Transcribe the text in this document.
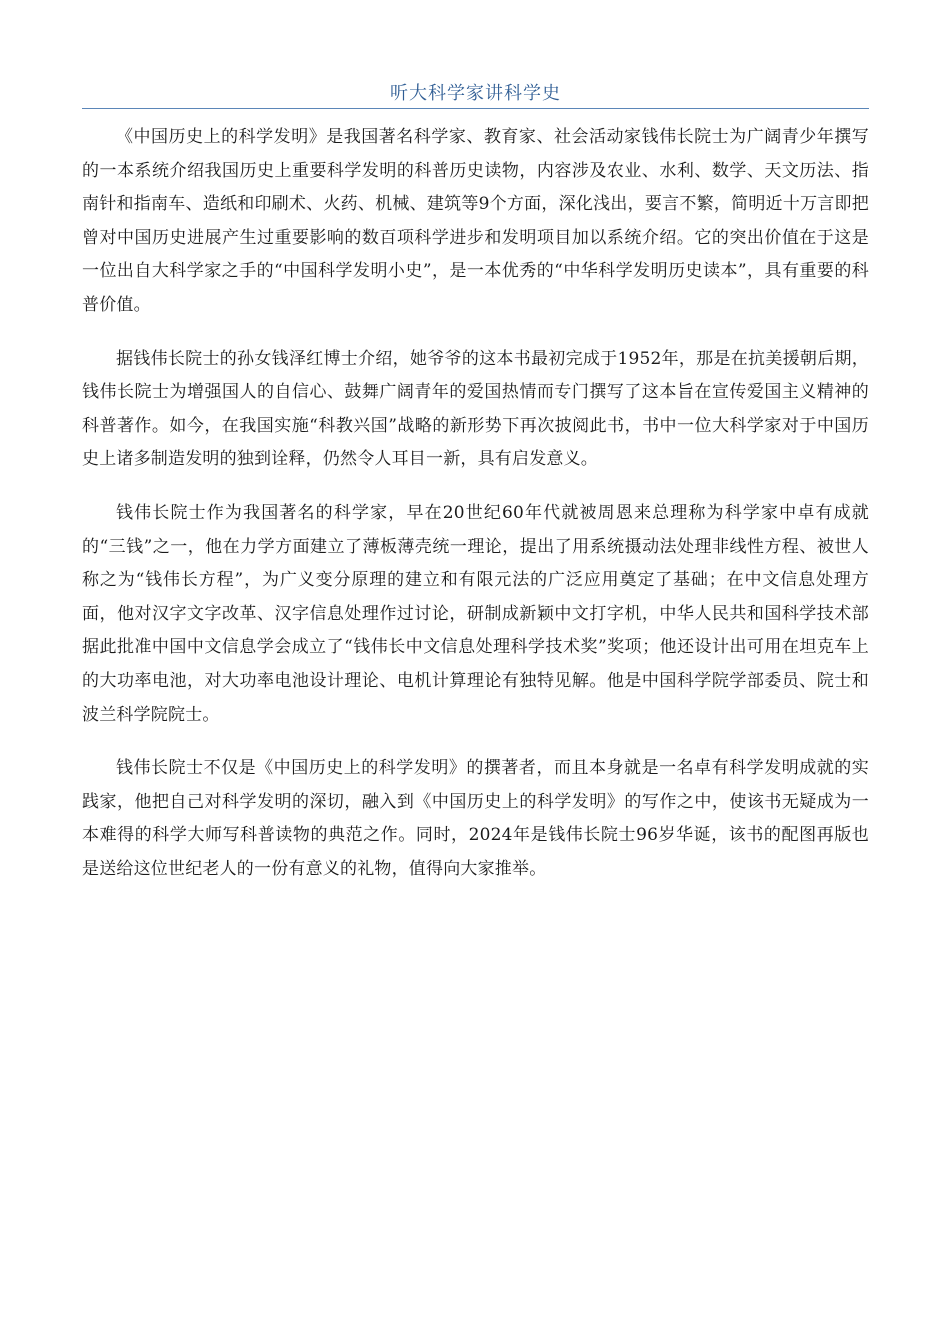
听大科学家讲科学史

《中国历史上的科学发明》是我国著名科学家、教育家、社会活动家钱伟长院士为广阔青少年撰写的一本系统介绍我国历史上重要科学发明的科普历史读物，内容涉及农业、水利、数学、天文历法、指南针和指南车、造纸和印刷术、火药、机械、建筑等9个方面，深化浅出，要言不繁，简明近十万言即把曾对中国历史进展产生过重要影响的数百项科学进步和发明项目加以系统介绍。它的突出价值在于这是一位出自大科学家之手的“中国科学发明小史”，是一本优秀的“中华科学发明历史读本”，具有重要的科普价值。

据钱伟长院士的孙女钱泽红博士介绍，她爷爷的这本书最初完成于1952年，那是在抗美援朝后期，钱伟长院士为增强国人的自信心、鼓舞广阔青年的爱国热情而专门撰写了这本旨在宣传爱国主义精神的科普著作。如今，在我国实施“科教兴国”战略的新形势下再次披阅此书，书中一位大科学家对于中国历史上诸多制造发明的独到诠释，仍然令人耳目一新，具有启发意义。

钱伟长院士作为我国著名的科学家，早在20世纪60年代就被周恩来总理称为科学家中卓有成就的“三钱”之一，他在力学方面建立了薄板薄壳统一理论，提出了用系统摄动法处理非线性方程、被世人称之为“钱伟长方程”，为广义变分原理的建立和有限元法的广泛应用奠定了基础；在中文信息处理方面，他对汉字文字改革、汉字信息处理作过讨论，研制成新颖中文打字机，中华人民共和国科学技术部据此批准中国中文信息学会成立了“钱伟长中文信息处理科学技术奖”奖项；他还设计出可用在坦克车上的大功率电池，对大功率电池设计理论、电机计算理论有独特见解。他是中国科学院学部委员、院士和波兰科学院院士。

钱伟长院士不仅是《中国历史上的科学发明》的撰著者，而且本身就是一名卓有科学发明成就的实践家，他把自己对科学发明的深切，融入到《中国历史上的科学发明》的写作之中，使该书无疑成为一本难得的科学大师写科普读物的典范之作。同时，2024年是钱伟长院士96岁华诞，该书的配图再版也是送给这位世纪老人的一份有意义的礼物，值得向大家推举。
